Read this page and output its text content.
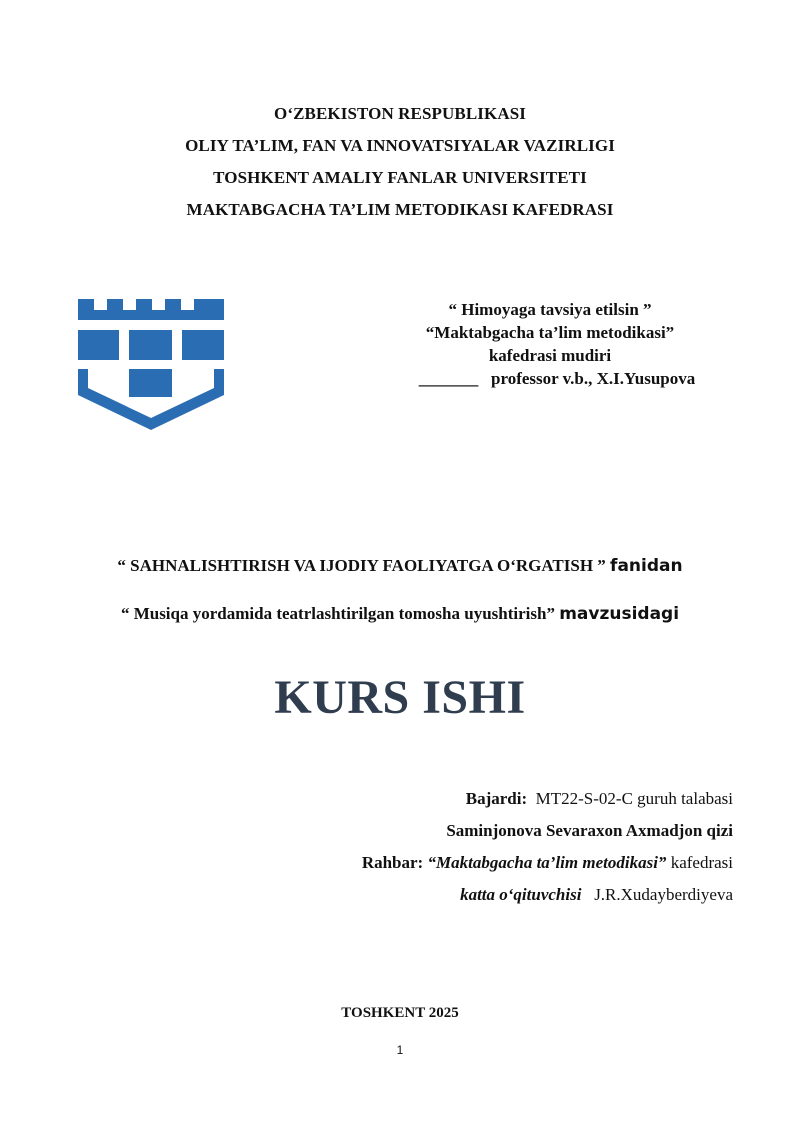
O‘ZBEKISTON RESPUBLIKASI
OLIY TA’LIM, FAN VA INNOVATSIYALAR VAZIRLIGI
TOSHKENT AMALIY FANLAR UNIVERSITETI
MAKTABGACHA TA’LIM METODIKASI KAFEDRASI
“ Himoyaga tavsiya etilsin ”
“Maktabgacha ta’lim metodikasi”
kafedrasi mudiri
_______ professor v.b., X.I.Yusupova
“ SAHNALISHTIRISH VA IJODIY FAOLIYATGA O‘RGATISH ” fanidan
“ Musiqa yordamida teatrlashtirilgan tomosha uyushtirish” mavzusidagi
KURS ISHI
Bajardi: MT22-S-02-C guruh talabasi
Saminjonova Sevaraxon Axmadjon qizi
Rahbar: “Maktabgacha ta’lim metodikasi” kafedrasi
katta o‘qituvchisi J.R.Xudayberdiyeva
TOSHKENT 2025
1
